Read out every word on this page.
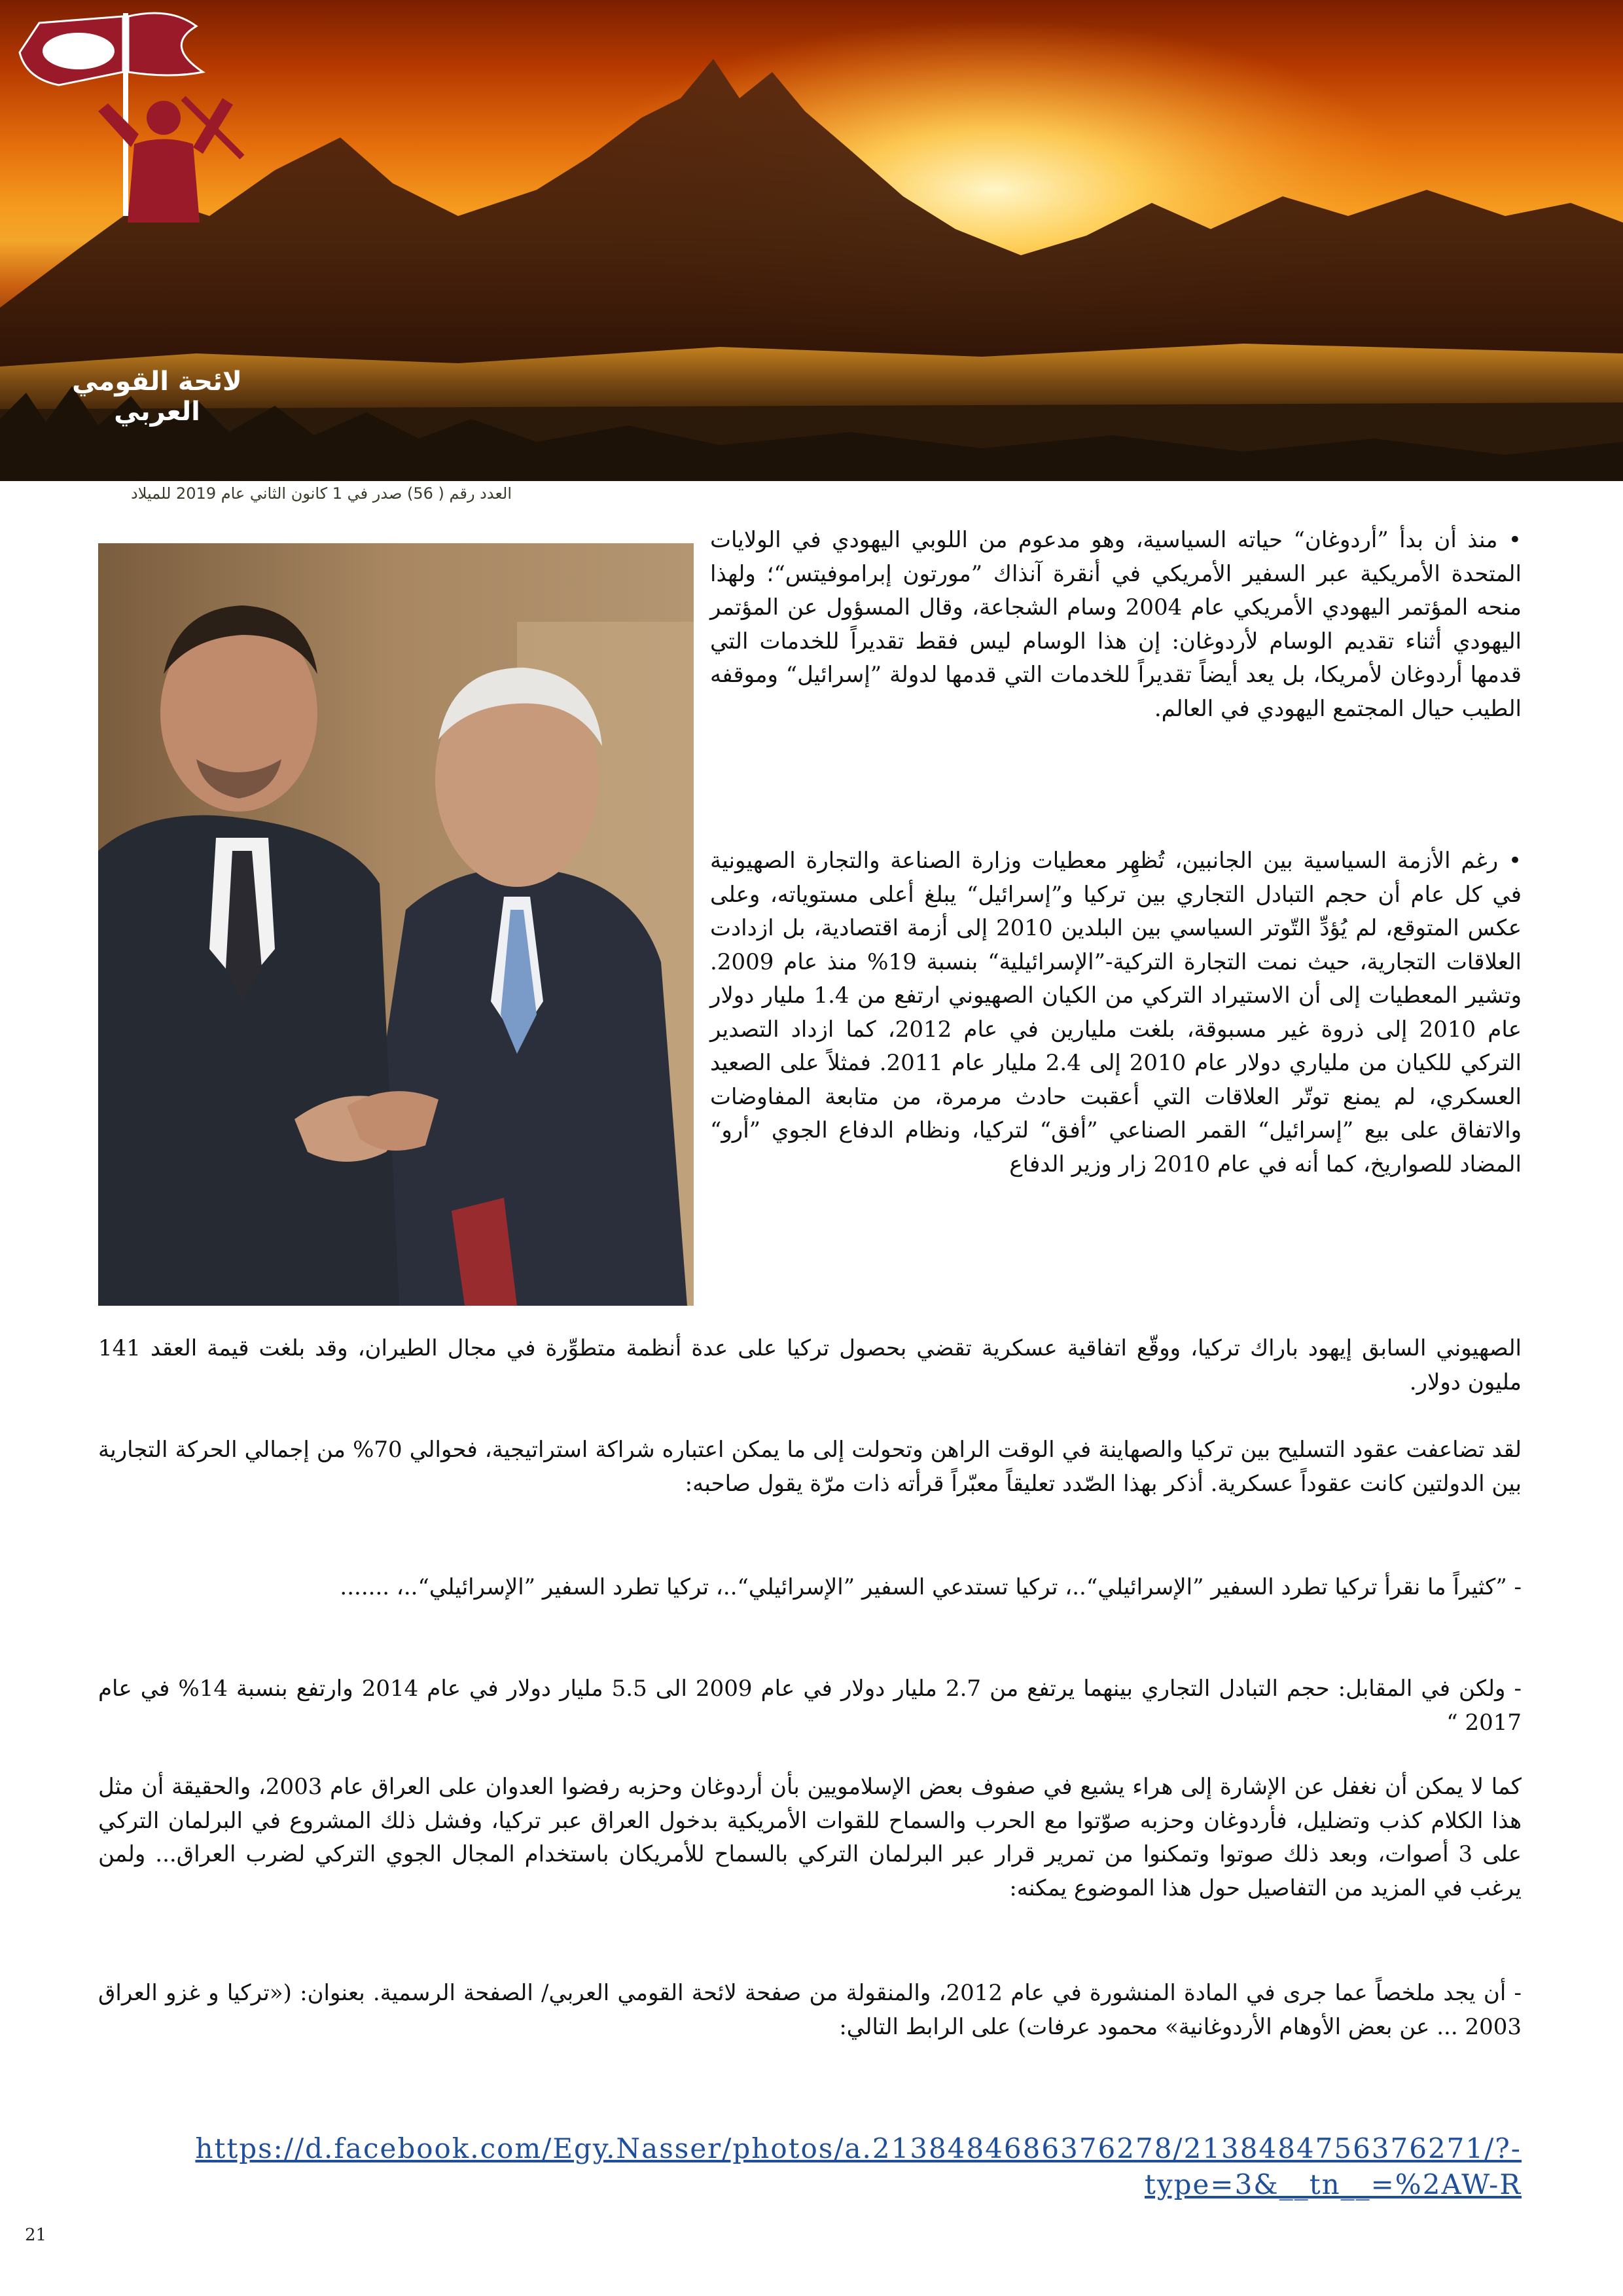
لائحة القومي العربي
العدد رقم ( 56) صدر في 1 كانون الثاني عام 2019 للميلاد
• منذ أن بدأ ”أردوغان“ حياته السياسية، وهو مدعوم من اللوبي اليهودي في الولايات المتحدة الأمريكية عبر السفير الأمريكي في أنقرة آنذاك ”مورتون إبراموفيتس“؛ ولهذا منحه المؤتمر اليهودي الأمريكي عام 2004 وسام الشجاعة، وقال المسؤول عن المؤتمر اليهودي أثناء تقديم الوسام لأردوغان: إن هذا الوسام ليس فقط تقديراً للخدمات التي قدمها أردوغان لأمريكا، بل يعد أيضاً تقديراً للخدمات التي قدمها لدولة ”إسرائيل“ وموقفه الطيب حيال المجتمع اليهودي في العالم.
• رغم الأزمة السياسية بين الجانبين، تُظهِر معطيات وزارة الصناعة والتجارة الصهيونية في كل عام أن حجم التبادل التجاري بين تركيا و”إسرائيل“ يبلغ أعلى مستوياته، وعلى عكس المتوقع، لم يُؤدِّ التّوتر السياسي بين البلدين 2010 إلى أزمة اقتصادية، بل ازدادت العلاقات التجارية، حيث نمت التجارة التركية-”الإسرائيلية“ بنسبة 19% منذ عام 2009. وتشير المعطيات إلى أن الاستيراد التركي من الكيان الصهيوني ارتفع من 1.4 مليار دولار عام 2010 إلى ذروة غير مسبوقة، بلغت مليارين في عام 2012، كما ازداد التصدير التركي للكيان من ملياري دولار عام 2010 إلى 2.4 مليار عام 2011. فمثلاً على الصعيد العسكري، لم يمنع توتّر العلاقات التي أعقبت حادث مرمرة، من متابعة المفاوضات والاتفاق على بيع ”إسرائيل“ القمر الصناعي ”أفق“ لتركيا، ونظام الدفاع الجوي ”أرو“ المضاد للصواريخ، كما أنه في عام 2010 زار وزير الدفاع
الصهيوني السابق إيهود باراك تركيا، ووقّع اتفاقية عسكرية تقضي بحصول تركيا على عدة أنظمة متطوِّرة في مجال الطيران، وقد بلغت قيمة العقد 141 مليون دولار.
لقد تضاعفت عقود التسليح بين تركيا والصهاينة في الوقت الراهن وتحولت إلى ما يمكن اعتباره شراكة استراتيجية، فحوالي 70% من إجمالي الحركة التجارية بين الدولتين كانت عقوداً عسكرية. أذكر بهذا الصّدد تعليقاً معبّراً قرأته ذات مرّة يقول صاحبه:
- ”كثيراً ما نقرأ تركيا تطرد السفير ”الإسرائيلي“..، تركيا تستدعي السفير ”الإسرائيلي“..، تركيا تطرد السفير ”الإسرائيلي“..، .......
- ولكن في المقابل: حجم التبادل التجاري بينهما يرتفع من 2.7 مليار دولار في عام 2009 الى 5.5 مليار دولار في عام 2014 وارتفع بنسبة 14% في عام 2017 “
كما لا يمكن أن نغفل عن الإشارة إلى هراء يشيع في صفوف بعض الإسلامويين بأن أردوغان وحزبه رفضوا العدوان على العراق عام 2003، والحقيقة أن مثل هذا الكلام كذب وتضليل، فأردوغان وحزبه صوّتوا مع الحرب والسماح للقوات الأمريكية بدخول العراق عبر تركيا، وفشل ذلك المشروع في البرلمان التركي على 3 أصوات، وبعد ذلك صوتوا وتمكنوا من تمرير قرار عبر البرلمان التركي بالسماح للأمريكان باستخدام المجال الجوي التركي لضرب العراق... ولمن يرغب في المزيد من التفاصيل حول هذا الموضوع يمكنه:
- أن يجد ملخصاً عما جرى في المادة المنشورة في عام 2012، والمنقولة من صفحة لائحة القومي العربي/ الصفحة الرسمية. بعنوان: («تركيا و غزو العراق 2003 ... عن بعض الأوهام الأردوغانية» محمود عرفات) على الرابط التالي:
https://d.facebook.com/Egy.Nasser/photos/a.2138484686376278/2138484756376271/?-type=3&__tn__=%2AW-R
21
